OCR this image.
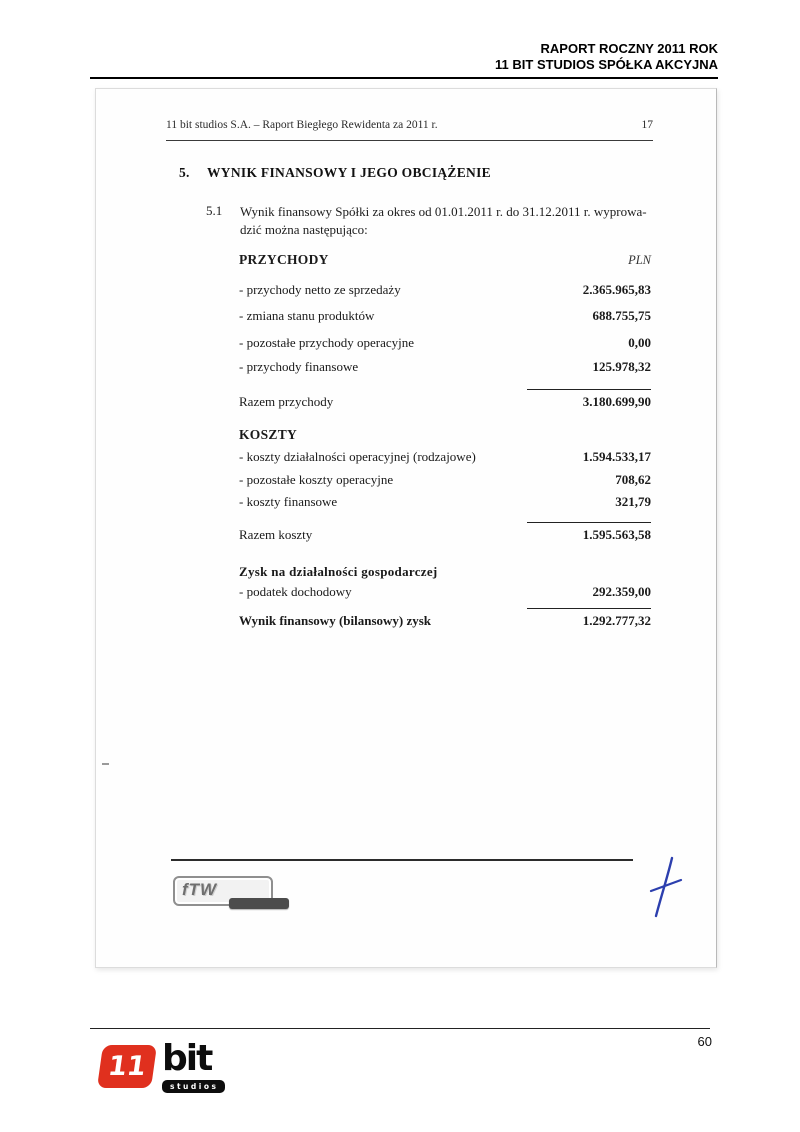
RAPORT ROCZNY 2011 ROK
11 BIT STUDIOS SPÓŁKA AKCYJNA
11 bit studios S.A. – Raport Biegłego Rewidenta za 2011 r.	17
5.	WYNIK FINANSOWY I JEGO OBCIĄŻENIE
5.1	Wynik finansowy Spółki za okres od 01.01.2011 r. do 31.12.2011 r. wyprowa-
dzić można następująco:
PRZYCHODY	PLN
- przychody netto ze sprzedaży	2.365.965,83
- zmiana stanu produktów	688.755,75
- pozostałe przychody operacyjne	0,00
- przychody finansowe	125.978,32
Razem przychody	3.180.699,90
KOSZTY
- koszty działalności operacyjnej (rodzajowe)	1.594.533,17
- pozostałe koszty operacyjne	708,62
- koszty finansowe	321,79
Razem koszty	1.595.563,58
Zysk na działalności gospodarczej
- podatek dochodowy	292.359,00
Wynik finansowy (bilansowy) zysk	1.292.777,32
fTW
60
11 bit
studios
